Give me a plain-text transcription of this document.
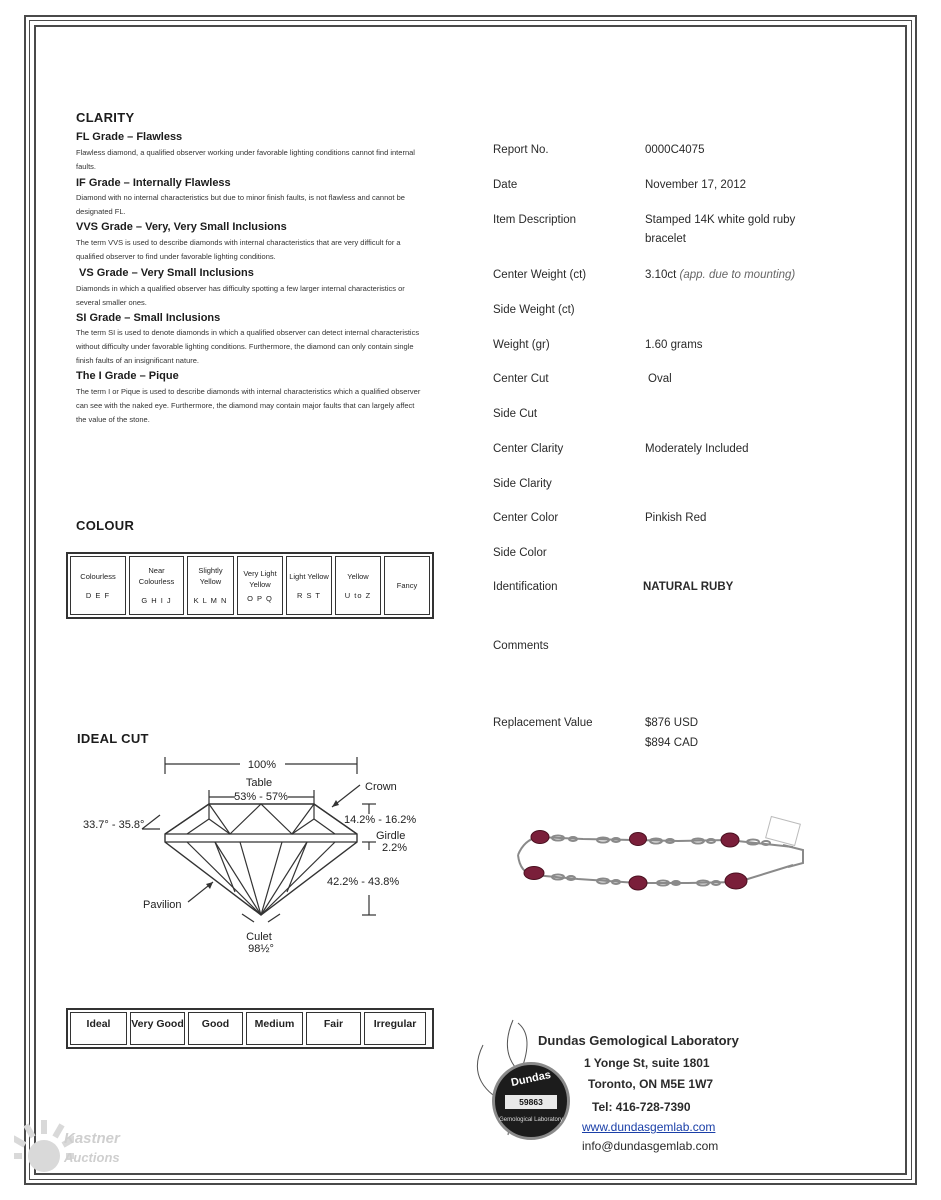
CLARITY
FL Grade – Flawless
Flawless diamond, a qualified observer working under favorable lighting conditions cannot find internal faults.
IF Grade – Internally Flawless
Diamond with no internal characteristics but due to minor finish faults, is not flawless and cannot be designated FL.
VVS Grade – Very, Very Small Inclusions
The term VVS is used to describe diamonds with internal characteristics that are very difficult for a qualified observer to find under favorable lighting conditions.
VS Grade – Very Small Inclusions
Diamonds in which a qualified observer has difficulty spotting a few larger internal characteristics or several smaller ones.
SI Grade – Small Inclusions
The term SI is used to denote diamonds in which a qualified observer can detect internal characteristics without difficulty under favorable lighting conditions. Furthermore, the diamond can only contain single finish faults of an insignificant nature.
The I Grade – Pique
The term I or Pique is used to describe diamonds with internal characteristics which a qualified observer can see with the naked eye. Furthermore, the diamond may contain major faults that can largely affect the value of the stone.
COLOUR
Colourless
D E F
Near Colourless
G H I J
Slightly Yellow
K L M N
Very Light Yellow
O P Q
Light Yellow
R S T
Yellow
U to Z
Fancy
IDEAL CUT
100%
Table
53% - 57%
Crown
33.7° - 35.8°	14.2% - 16.2%
Girdle
2.2%
42.2% - 43.8%
Pavilion
Culet
98½°
Ideal	Very Good	Good	Medium	Fair	Irregular
Report No.	0000C4075
Date	November 17, 2012
Item Description	Stamped 14K white gold ruby bracelet
Center Weight (ct)	3.10ct (app. due to mounting)
Side Weight (ct)
Weight (gr)	1.60 grams
Center Cut	Oval
Side Cut
Center Clarity	Moderately Included
Side Clarity
Center Color	Pinkish Red
Side Color
Identification	NATURAL RUBY
Comments
Replacement Value	$876 USD
$894 CAD
Dundas
59863
Gemological Laboratory
Dundas Gemological Laboratory
1 Yonge St, suite 1801
Toronto, ON M5E 1W7
Tel: 416-728-7390
www.dundasgemlab.com
info@dundasgemlab.com
Kastner
Auctions
